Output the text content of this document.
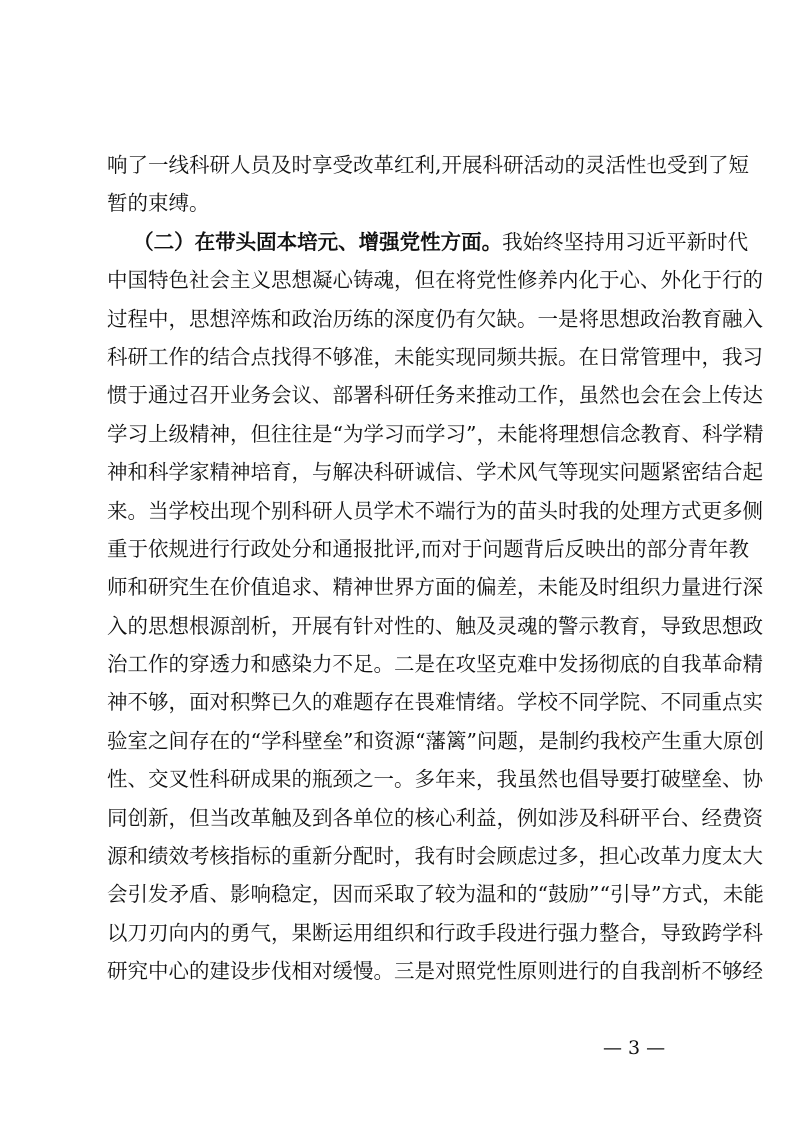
响了一线科研人员及时享受改革红利,开展科研活动的灵活性也受到了短
暂的束缚。
（二）在带头固本培元、增强党性方面。我始终坚持用习近平新时代
中国特色社会主义思想凝心铸魂，但在将党性修养内化于心、外化于行的
过程中，思想淬炼和政治历练的深度仍有欠缺。一是将思想政治教育融入
科研工作的结合点找得不够准，未能实现同频共振。在日常管理中，我习
惯于通过召开业务会议、部署科研任务来推动工作，虽然也会在会上传达
学习上级精神，但往往是“为学习而学习”，未能将理想信念教育、科学精
神和科学家精神培育，与解决科研诚信、学术风气等现实问题紧密结合起
来。当学校出现个别科研人员学术不端行为的苗头时我的处理方式更多侧
重于依规进行行政处分和通报批评,而对于问题背后反映出的部分青年教
师和研究生在价值追求、精神世界方面的偏差，未能及时组织力量进行深
入的思想根源剖析，开展有针对性的、触及灵魂的警示教育，导致思想政
治工作的穿透力和感染力不足。二是在攻坚克难中发扬彻底的自我革命精
神不够，面对积弊已久的难题存在畏难情绪。学校不同学院、不同重点实
验室之间存在的“学科壁垒”和资源“藩篱”问题，是制约我校产生重大原创
性、交叉性科研成果的瓶颈之一。多年来，我虽然也倡导要打破壁垒、协
同创新，但当改革触及到各单位的核心利益，例如涉及科研平台、经费资
源和绩效考核指标的重新分配时，我有时会顾虑过多，担心改革力度太大
会引发矛盾、影响稳定，因而采取了较为温和的“鼓励”“引导”方式，未能
以刀刃向内的勇气，果断运用组织和行政手段进行强力整合，导致跨学科
研究中心的建设步伐相对缓慢。三是对照党性原则进行的自我剖析不够经
— 3 —
